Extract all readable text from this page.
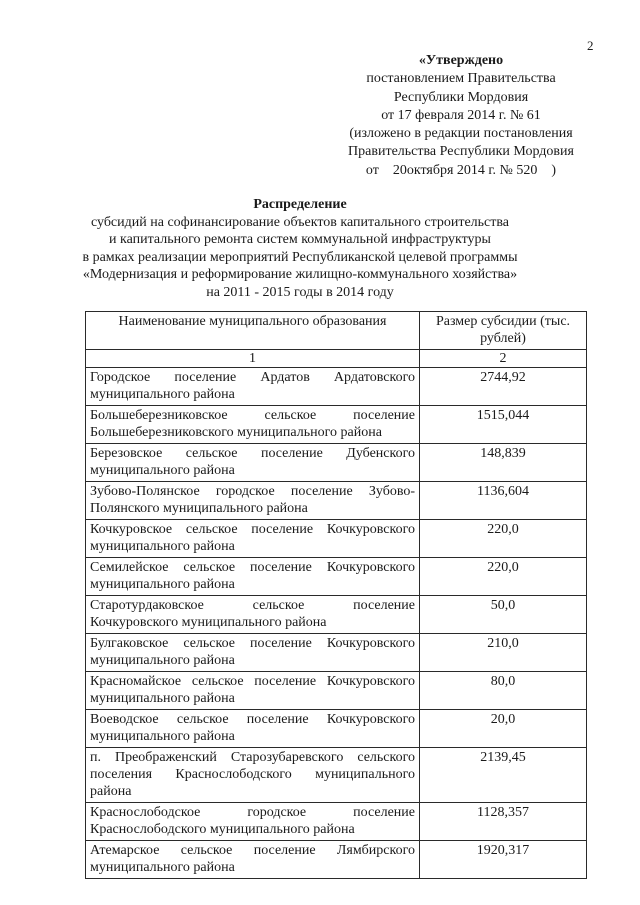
2
«Утверждено
постановлением Правительства
Республики Мордовия
от 17 февраля 2014 г. № 61
(изложено в редакции постановления
Правительства Республики Мордовия
от 20октября 2014 г. № 520 )
Распределение
субсидий на софинансирование объектов капитального строительства
и капитального ремонта систем коммунальной инфраструктуры
в рамках реализации мероприятий Республиканской целевой программы
«Модернизация и реформирование жилищно-коммунального хозяйства»
на 2011 - 2015 годы в 2014 году
Наименование муниципального образования	Размер субсидии (тыс. рублей)
1	2
Городское поселение Ардатов Ардатовского муниципального района	2744,92
Большеберезниковское сельское поселение Большеберезниковского муниципального района	1515,044
Березовское сельское поселение Дубенского муниципального района	148,839
Зубово-Полянское городское поселение Зубово-Полянского муниципального района	1136,604
Кочкуровское сельское поселение Кочкуровского муниципального района	220,0
Семилейское сельское поселение Кочкуровского муниципального района	220,0
Старотурдаковское сельское поселение Кочкуровского муниципального района	50,0
Булгаковское сельское поселение Кочкуровского муниципального района	210,0
Красномайское сельское поселение Кочкуровского муниципального района	80,0
Воеводское сельское поселение Кочкуровского муниципального района	20,0
п. Преображенский Старозубаревского сельского поселения Краснослободского муниципального района	2139,45
Краснослободское городское поселение Краснослободского муниципального района	1128,357
Атемарское сельское поселение Лямбирского муниципального района	1920,317
